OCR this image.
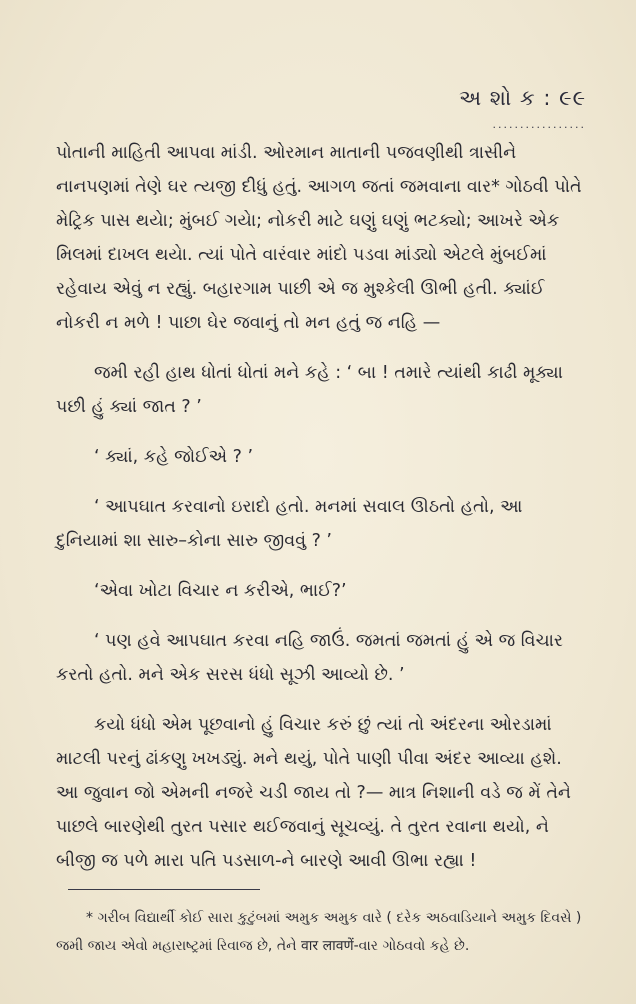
અ શો ક : ૯૯
.................

પોતાની માહિતી આપવા માંડી. ઓરમાન માતાની પજવણીથી ત્રાસીને નાનપણમાં તેણે ઘર ત્યજી દીધું હતું. આગળ જતાં જમવાના વાર* ગોઠવી પોતે મેટ્રિક પાસ થયેા; મુંબઈ ગયેા; નોકરી માટે ઘણું ઘણું ભટક્યો; આખરે એક મિલમાં દાખલ થયેા. ત્યાં પોતે વારંવાર માંદો પડવા માંડ્યો એટલે મુંબઈમાં રહેવાય એવું ન રહ્યું. બહારગામ પાછી એ જ મુશ્કેલી ઊભી હતી. ક્યાંઈ નોકરી ન મળે ! પાછા ઘેર જવાનું તો મન હતું જ નહિ —

જમી રહી હાથ ધોતાં ધોતાં મને કહે : ‘ બા ! તમારે ત્યાંથી કાઢી મૂક્યા પછી હું ક્યાં જાત ? ’

‘ ક્યાં, કહે જોઈએ ? ’

‘ આપઘાત કરવાનો ઇરાદો હતો. મનમાં સવાલ ઊઠતો હતો, આ દુનિયામાં શા સારુ–કોના સારુ જીવવું ? ’

‘એવા ખોટા વિચાર ન કરીએ, ભાઈ?’

‘ પણ હવે આપઘાત કરવા નહિ જાઉં. જમતાં જમતાં હું એ જ વિચાર કરતો હતો. મને એક સરસ ધંધો સૂઝી આવ્યો છે. ’

કયો ધંધો એમ પૂછવાનો હું વિચાર કરું છું ત્યાં તો અંદરના ઓરડામાં માટલી પરનું ઢાંકણુ ખખડ્યું. મને થયું, પોતે પાણી પીવા અંદર આવ્યા હશે. આ જુવાન જો એમની નજરે ચડી જાય તો ?— માત્ર નિશાની વડે જ મેં તેને પાછલે બારણેથી તુરત પસાર થઈજવાનું સૂચવ્યું. તે તુરત રવાના થયો, ને બીજી જ પળે મારા પતિ પડસાળ-ને બારણે આવી ઊભા રહ્યા !

* ગરીબ વિદ્યાર્થી કોઈ સારા કુટુંબમાં અમુક અમુક વારે ( દરેક અઠવાડિયાને અમુક દિવસે ) જમી જાય એવો મહારાષ્ટ્રમાં રિવાજ છે, તેને वार लावणें-વાર ગોઠવવો કહે છે.
